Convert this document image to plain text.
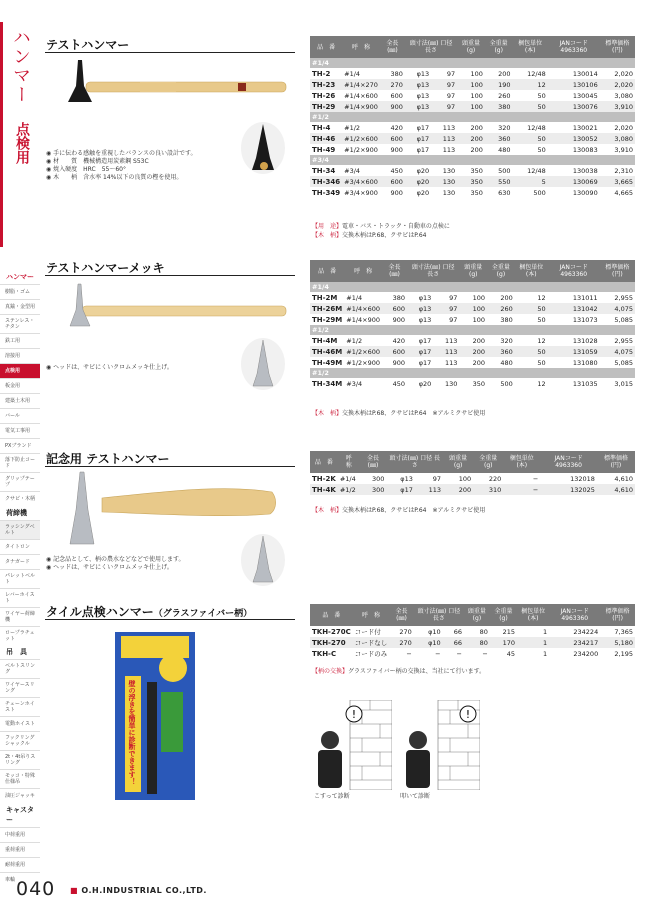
ハンマー
点検用
ハンマー
樹脂・ゴム
真鍮・金型用
ステンレス・チタン
鉄工用
溶接用
点検用
板金用
建築土木用
バール
電気工事用
PXブランド
落下防止コード
グリップテープ
クサビ・木柄
荷締機
ラッシングベルト
タイトロン
タナガード
パレットベルト
レバーホイスト
ワイヤー荷締機
ロープラチェット
吊　具
ベルトスリング
ワイヤースリング
チェーンホイスト
電動ホイスト
フックリングシャックル
2t・4t吊りスリング
モッコ・特殊仕様吊
油圧ジャッキ
キャスター
中荷重用
重荷重用
耐荷重用
車輪
テストハンマー
◉ 手に伝わる感触を重視したバランスの良い設計です。
◉ 材　　質　機械構造用炭素鋼 S53C
◉ 焼入硬度　HRC　55〜60°
◉ 木　　柄　含水率 14%以下の良質の樫を使用。
品　番	呼　称	全長 (㎜)	頭寸法(㎜) 口径 長さ		頭重量 (g)	全重量 (g)	梱包単位 (本)	JANコード 4963360	標準価格 (円)
#1/4									
TH-2	#1/4	380	φ13	97	100	200	12/48	130014	2,020
TH-23	#1/4×270	270	φ13	97	100	190	12	130106	2,020
TH-26	#1/4×600	600	φ13	97	100	260	50	130045	3,080
TH-29	#1/4×900	900	φ13	97	100	380	50	130076	3,910
#1/2									
TH-4	#1/2	420	φ17	113	200	320	12/48	130021	2,020
TH-46	#1/2×600	600	φ17	113	200	360	50	130052	3,080
TH-49	#1/2×900	900	φ17	113	200	480	50	130083	3,910
#3/4									
TH-34	#3/4	450	φ20	130	350	500	12/48	130038	2,310
TH-346	#3/4×600	600	φ20	130	350	550	5	130069	3,665
TH-349	#3/4×900	900	φ20	130	350	630	500	130090	4,665
【用　途】電車・バス・トラック・自動車の点検に
【木　柄】交換木柄はP.68、クサビはP.64
テストハンマーメッキ
◉ ヘッドは、サビにくいクロムメッキ仕上げ。
品　番	呼　称	全長 (㎜)	頭寸法(㎜) 口径 長さ		頭重量 (g)	全重量 (g)	梱包単位 (本)	JANコード 4963360	標準価格 (円)
#1/4									
TH-2M	#1/4	380	φ13	97	100	200	12	131011	2,955
TH-26M	#1/4×600	600	φ13	97	100	260	50	131042	4,075
TH-29M	#1/4×900	900	φ13	97	100	380	50	131073	5,085
#1/2									
TH-4M	#1/2	420	φ17	113	200	320	12	131028	2,955
TH-46M	#1/2×600	600	φ17	113	200	360	50	131059	4,075
TH-49M	#1/2×900	900	φ17	113	200	480	50	131080	5,085
#1/2									
TH-34M	#3/4	450	φ20	130	350	500	12	131035	3,015
【木　柄】交換木柄はP.68、クサビはP.64　※アルミクサビ使用
記念用 テストハンマー
◉ 記念品として、柄の農水などなどで使用します。
◉ ヘッドは、サビにくいクロムメッキ仕上げ。
品　番	呼　称	全長 (㎜)	頭寸法(㎜) 口径 長さ		頭重量 (g)	全重量 (g)	梱包単位 (本)	JANコード 4963360	標準価格 (円)
TH-2K	#1/4	300	φ13	97	100	220	−	132018	4,610
TH-4K	#1/2	300	φ17	113	200	310	−	132025	4,610
【木　柄】交換木柄はP.68、クサビはP.64　※アルミクサビ使用
タイル点検ハンマー（グラスファイバー柄）
壁の浮きを簡単に診断できます！
品　番	呼　称	全長 (㎜)	頭寸法(㎜) 口径 長さ		頭重量 (g)	全重量 (g)	梱包単位 (本)	JANコード 4963360	標準価格 (円)
TKH-270C	コード付	270	φ10	66	80	215	1	234224	7,365
TKH-270	コードなし	270	φ10	66	80	170	1	234217	5,180
TKH-C	コードのみ	−	−	−	−	45	1	234200	2,195
【柄の交換】グラスファイバー柄の交換は、当社にて行います。
!	!
こすって診断	叩いて診断
040 ■ O.H.INDUSTRIAL CO.,LTD.
